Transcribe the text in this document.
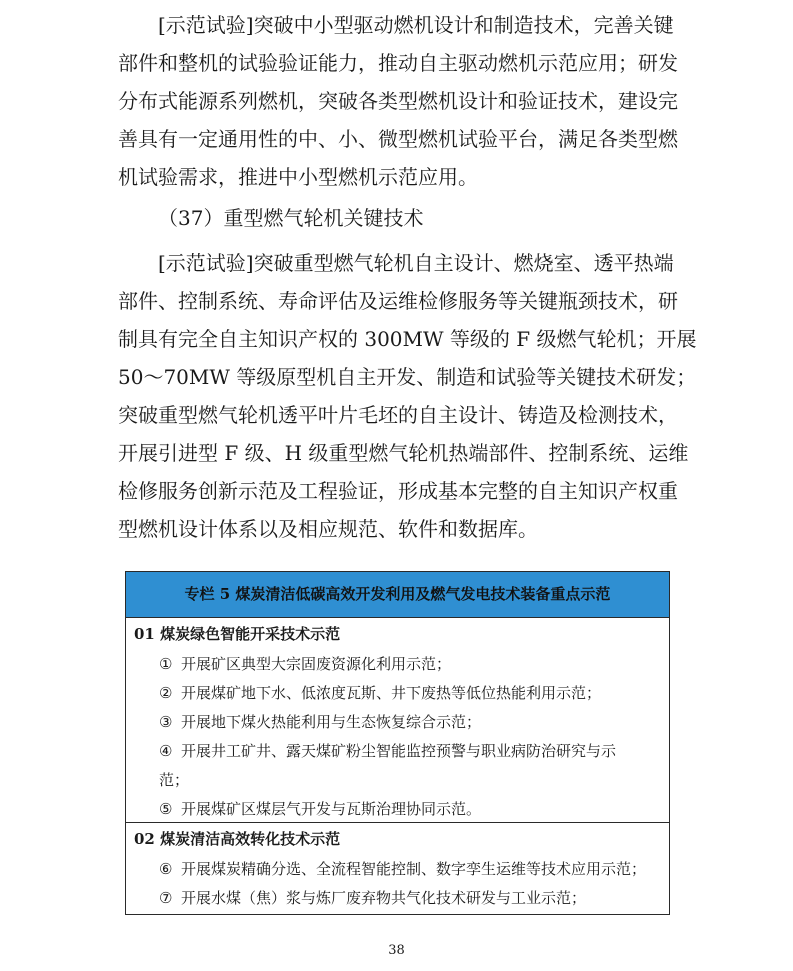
[示范试验]突破中小型驱动燃机设计和制造技术，完善关键
部件和整机的试验验证能力，推动自主驱动燃机示范应用；研发
分布式能源系列燃机，突破各类型燃机设计和验证技术，建设完
善具有一定通用性的中、小、微型燃机试验平台，满足各类型燃
机试验需求，推进中小型燃机示范应用。
（37）重型燃气轮机关键技术
[示范试验]突破重型燃气轮机自主设计、燃烧室、透平热端
部件、控制系统、寿命评估及运维检修服务等关键瓶颈技术，研
制具有完全自主知识产权的 300MW 等级的 F 级燃气轮机；开展
50～70MW 等级原型机自主开发、制造和试验等关键技术研发；
突破重型燃气轮机透平叶片毛坯的自主设计、铸造及检测技术，
开展引进型 F 级、H 级重型燃气轮机热端部件、控制系统、运维
检修服务创新示范及工程验证，形成基本完整的自主知识产权重
型燃机设计体系以及相应规范、软件和数据库。
专栏 5 煤炭清洁低碳高效开发利用及燃气发电技术装备重点示范
01 煤炭绿色智能开采技术示范
① 开展矿区典型大宗固废资源化利用示范；
② 开展煤矿地下水、低浓度瓦斯、井下废热等低位热能利用示范；
③ 开展地下煤火热能利用与生态恢复综合示范；
④ 开展井工矿井、露天煤矿粉尘智能监控预警与职业病防治研究与示范；
⑤ 开展煤矿区煤层气开发与瓦斯治理协同示范。
02 煤炭清洁高效转化技术示范
⑥ 开展煤炭精确分选、全流程智能控制、数字孪生运维等技术应用示范；
⑦ 开展水煤（焦）浆与炼厂废弃物共气化技术研发与工业示范；
38
